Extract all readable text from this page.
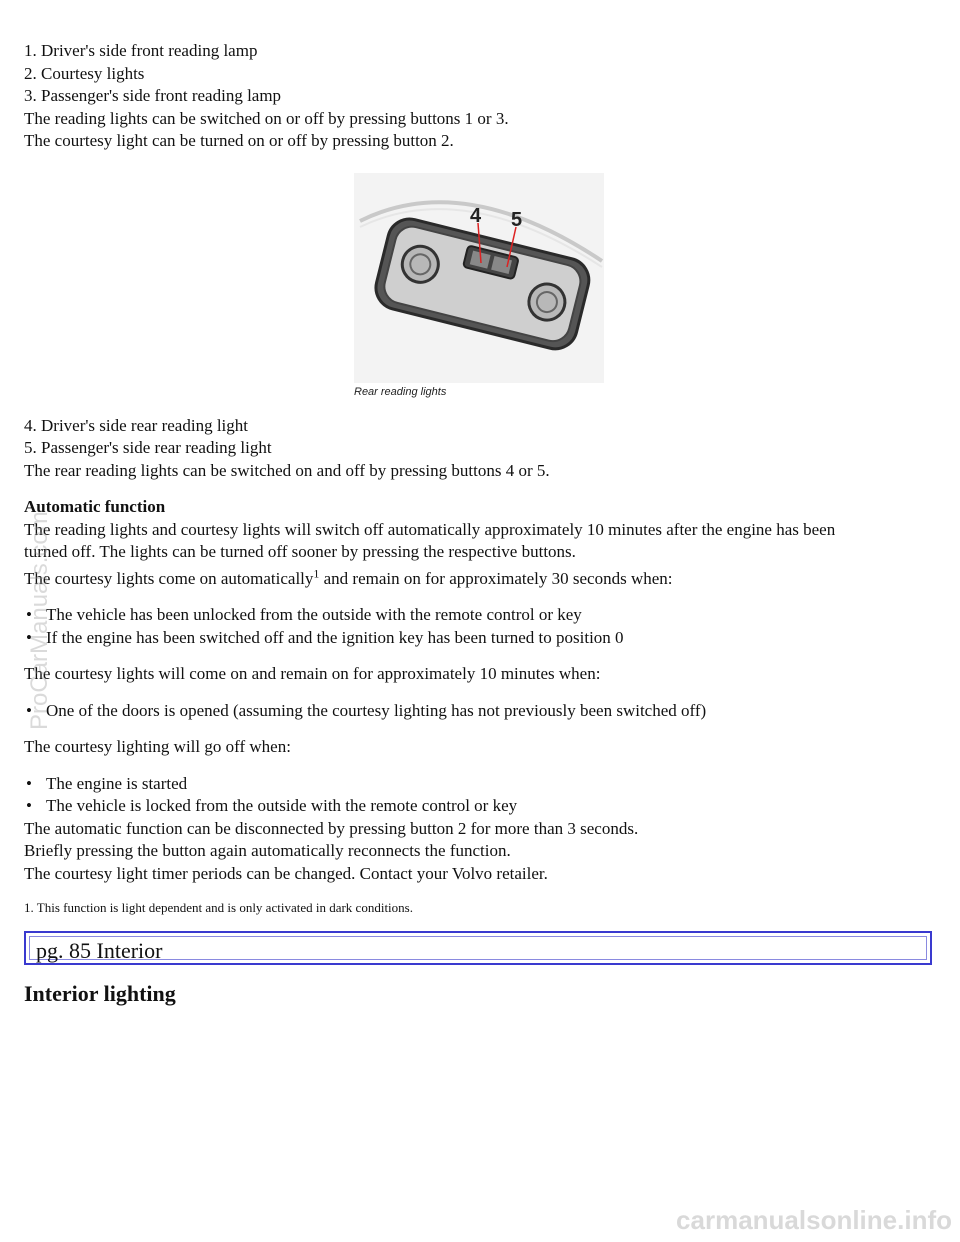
1. Driver's side front reading lamp
2. Courtesy lights
3. Passenger's side front reading lamp
The reading lights can be switched on or off by pressing buttons 1 or 3.
The courtesy light can be turned on or off by pressing button 2.
4 5
Rear reading lights
4. Driver's side rear reading light
5. Passenger's side rear reading light
The rear reading lights can be switched on and off by pressing buttons 4 or 5.
Automatic function
The reading lights and courtesy lights will switch off automatically approximately 10 minutes after the engine has been
turned off. The lights can be turned off sooner by pressing the respective buttons.
The courtesy lights come on automatically$^1$ and remain on for approximately 30 seconds when:
• The vehicle has been unlocked from the outside with the remote control or key
• If the engine has been switched off and the ignition key has been turned to position 0
The courtesy lights will come on and remain on for approximately 10 minutes when:
• One of the doors is opened (assuming the courtesy lighting has not previously been switched off)
The courtesy lighting will go off when:
• The engine is started
• The vehicle is locked from the outside with the remote control or key
The automatic function can be disconnected by pressing button 2 for more than 3 seconds.
Briefly pressing the button again automatically reconnects the function.
The courtesy light timer periods can be changed. Contact your Volvo retailer.
1. This function is light dependent and is only activated in dark conditions.
pg. 85 Interior
Interior lighting
ProCarManuals.com
carmanualsonline.info
